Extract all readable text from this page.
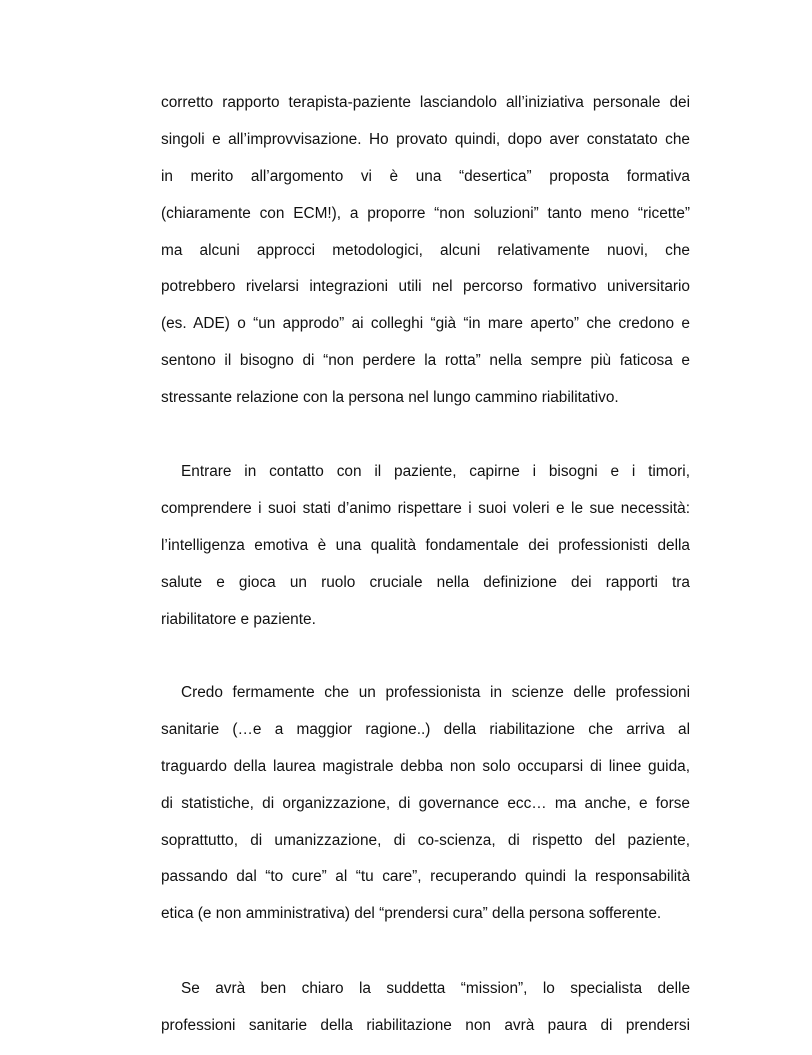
corretto rapporto terapista-paziente lasciandolo all’iniziativa personale dei
singoli e all’improvvisazione. Ho provato quindi, dopo aver constatato che
in merito all’argomento vi è una “desertica” proposta formativa
(chiaramente con ECM!), a proporre “non soluzioni” tanto meno “ricette”
ma alcuni approcci metodologici, alcuni relativamente nuovi, che
potrebbero rivelarsi integrazioni utili nel percorso formativo universitario
(es. ADE) o “un approdo” ai colleghi “già “in mare aperto” che credono e
sentono il bisogno di “non perdere la rotta” nella sempre più faticosa e
stressante relazione con la persona nel lungo cammino riabilitativo.
Entrare in contatto con il paziente, capirne i bisogni e i timori,
comprendere i suoi stati d’animo rispettare i suoi voleri e le sue necessità:
l’intelligenza emotiva è una qualità fondamentale dei professionisti della
salute e gioca un ruolo cruciale nella definizione dei rapporti tra
riabilitatore e paziente.
Credo fermamente che un professionista in scienze delle professioni
sanitarie (…e a maggior ragione..) della riabilitazione che arriva al
traguardo della laurea magistrale debba non solo occuparsi di linee guida,
di statistiche, di organizzazione, di governance ecc… ma anche, e forse
soprattutto, di umanizzazione, di co-scienza, di rispetto del paziente,
passando dal “to cure” al “tu care”, recuperando quindi la responsabilità
etica (e non amministrativa) del “prendersi cura” della persona sofferente.
Se avrà ben chiaro la suddetta “mission”, lo specialista delle
professioni sanitarie della riabilitazione non avrà paura di prendersi
